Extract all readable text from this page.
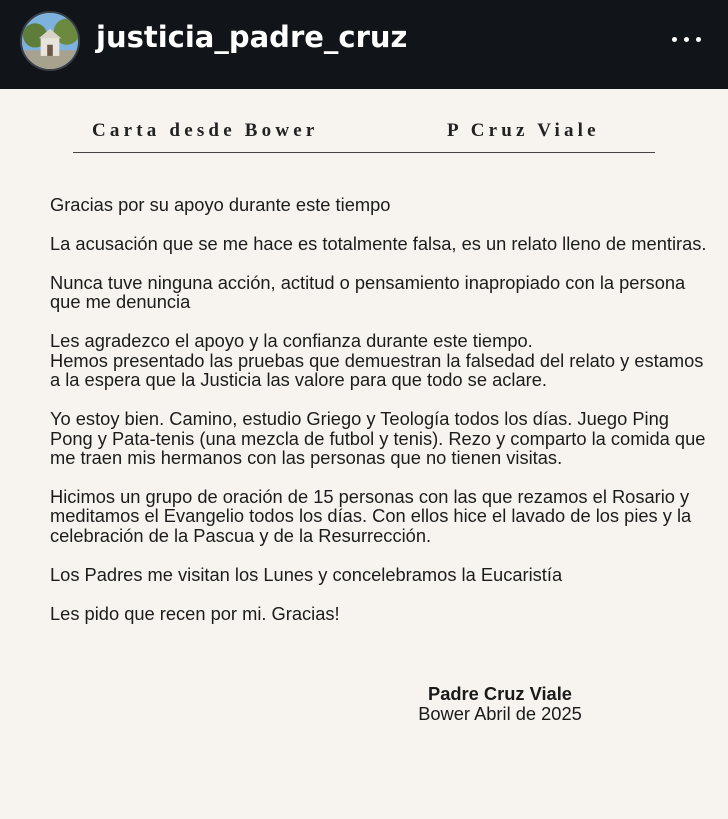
justicia_padre_cruz
Carta desde Bower	P Cruz Viale

Gracias por su apoyo durante este tiempo

La acusación que se me hace es totalmente falsa, es un relato lleno de mentiras.

Nunca tuve ninguna acción, actitud o pensamiento inapropiado con la persona que me denuncia

Les agradezco el apoyo y la confianza durante este tiempo.
Hemos presentado las pruebas que demuestran la falsedad del relato y estamos a la espera que la Justicia las valore para que todo se aclare.

Yo estoy bien. Camino, estudio Griego y Teología todos los días. Juego Ping Pong y Pata-tenis (una mezcla de futbol y tenis). Rezo y comparto la comida que me traen mis hermanos con las personas que no tienen visitas.

Hicimos un grupo de oración de 15 personas con las que rezamos el Rosario y meditamos el Evangelio todos los días. Con ellos hice el lavado de los pies y la celebración de la Pascua y de la Resurrección.

Los Padres me visitan los Lunes y concelebramos la Eucaristía

Les pido que recen por mi. Gracias!

Padre Cruz Viale
Bower Abril de 2025
